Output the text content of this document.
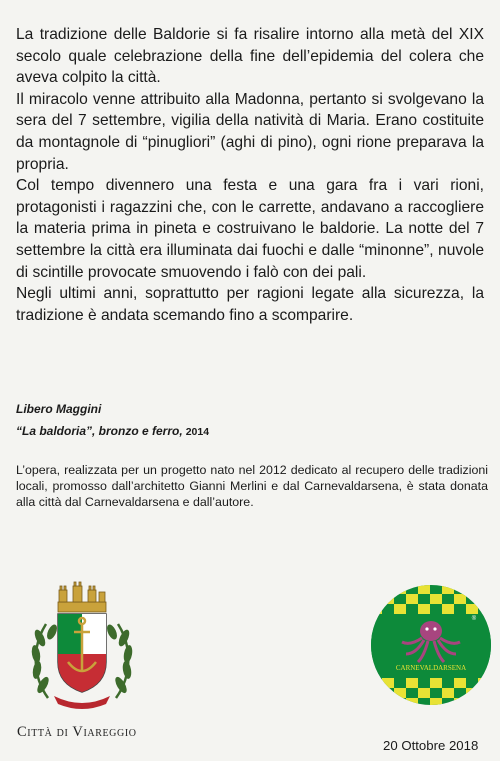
La tradizione delle Baldorie si fa risalire intorno alla metà del XIX secolo quale celebrazione della fine dell’epidemia del colera che aveva colpito la città.

Il miracolo venne attribuito alla Madonna, pertanto si svolgevano la sera del 7 settembre, vigilia della natività di Maria. Erano costituite da montagnole di “pinugliori” (aghi di pino), ogni rione preparava la propria.

Col tempo divennero una festa e una gara fra i vari rioni, protagonisti i ragazzini che, con le carrette, andavano a raccogliere la materia prima in pineta e costruivano le baldorie. La notte del 7 settembre la città era illuminata dai fuochi e dalle “minonne”, nuvole di scintille provocate smuovendo i falò con dei pali.

Negli ultimi anni, soprattutto per ragioni legate alla sicurezza, la tradizione è andata scemando fino a scomparire.

Libero Maggini
“La baldoria”, bronzo e ferro, 2014
L’opera, realizzata per un progetto nato nel 2012 dedicato al recupero delle tradizioni locali, promosso dall’architetto Gianni Merlini e dal Carnevaldarsena, è stata donata alla città dal Carnevaldarsena e dall’autore.
Città di Viareggio
CARNEVALDARSENA
®
20 Ottobre 2018
